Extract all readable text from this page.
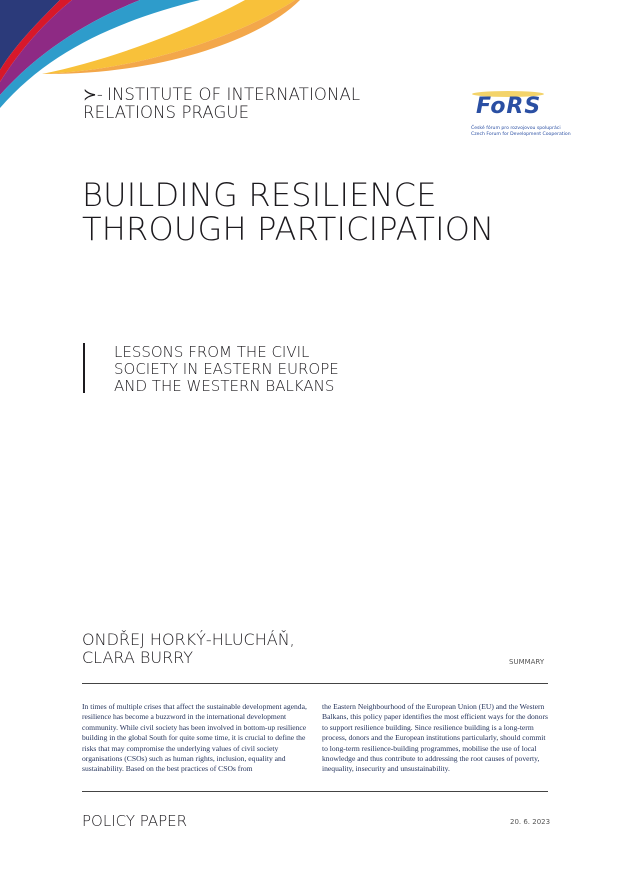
≻- INSTITUTE OF INTERNATIONAL
RELATIONS PRAGUE	FoRS
České fórum pro rozvojovou spolupráci
Czech Forum for Development Cooperation
BUILDING RESILIENCE
THROUGH PARTICIPATION
LESSONS FROM THE CIVIL
SOCIETY IN EASTERN EUROPE
AND THE WESTERN BALKANS
ONDŘEJ HORKÝ-HLUCHÁŇ,
CLARA BURRY	SUMMARY
In times of multiple crises that affect the sustainable development agenda, resilience has become a buzzword in the international development community. While civil society has been involved in bottom-up resilience building in the global South for quite some time, it is crucial to define the risks that may compromise the underlying values of civil society organisations (CSOs) such as human rights, inclusion, equality and sustainability. Based on the best practices of CSOs from
the Eastern Neighbourhood of the European Union (EU) and the Western Balkans, this policy paper identifies the most efficient ways for the donors to support resilience building. Since resilience building is a long-term process, donors and the European institutions particularly, should commit to long-term resilience-building programmes, mobilise the use of local knowledge and thus contribute to addressing the root causes of poverty, inequality, insecurity and unsustainability.
POLICY PAPER	20. 6. 2023
